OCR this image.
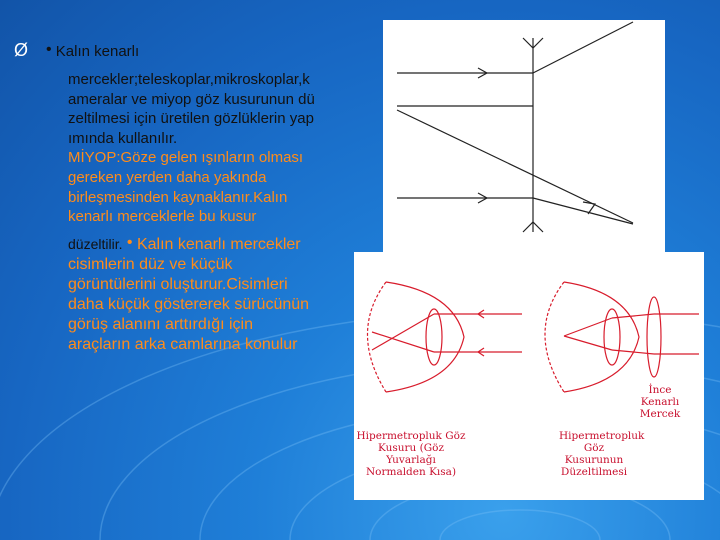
Ø • Kalın kenarlı
mercekler;teleskoplar,mikroskoplar,kameralar ve miyop göz kusurunun düzeltilmesi için üretilen gözlüklerin yapımında kullanılır.
MİYOP:Göze gelen ışınların olması gereken yerden daha yakında birleşmesinden kaynaklanır.Kalın kenarlı merceklerle bu kusur
düzeltilir. • Kalın kenarlı mercekler cisimlerin düz ve küçük görüntülerini oluşturur.Cisimleri daha küçük göstererek sürücünün görüş alanını arttırdığı için araçların arka camlarına konulur
Hipermetropluk Göz Kusuru (Göz Yuvarlağı Normalden Kısa)
Hipermetropluk Göz Kusurunun Düzeltilmesi
İnce Kenarlı Mercek
